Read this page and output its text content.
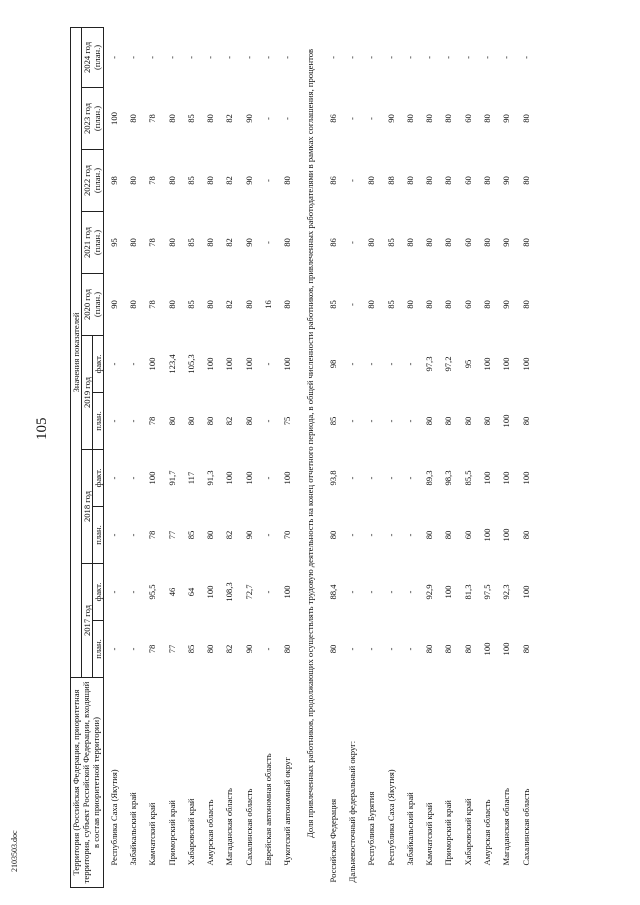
105
2103503.doc	Территория (Российская Федерация, приоритетная территория, субъект Российской Федерации, входящий в состав приоритетной территории)	Значения показателей										
	2017 год		2018 год		2019 год		2020 год (план.)	2021 год (план.)	2022 год (план.)	2023 год (план.)	2024 год (план.)
	план.	факт.	план.	факт.	план.	факт.					
Республика Саха (Якутия)	-	-	-	-	-	-	90	95	98	100	-
Забайкальский край	-	-	-	-	-	-	80	80	80	80	-
Камчатский край	78	95,5	78	100	78	100	78	78	78	78	-
Приморский край	77	46	77	91,7	80	123,4	80	80	80	80	-
Хабаровский край	85	64	85	117	80	105,3	85	85	85	85	-
Амурская область	80	100	80	91,3	80	100	80	80	80	80	-
Магаданская область	82	108,3	82	100	82	100	82	82	82	82	-
Сахалинская область	90	72,7	90	100	80	100	80	90	90	90	-
Еврейская автономная область	-	-	-	-	-	-	16	-	-	-	-
Чукотский автономный округ	80	100	70	100	75	100	80	80	80	-	-
Доля привлеченных работников, продолжающих осуществлять трудовую деятельность на конец отчетного периода, в общей численности работников, привлеченных работодателями в рамках соглашения, процентов											
Российская Федерация	80	88,4	80	93,8	85	98	85	86	86	86	-
Дальневосточный федеральный округ:	-	-	-	-	-	-	-	-	-	-	-
Республика Бурятия	-	-	-	-	-	-	80	80	80	-	-
Республика Саха (Якутия)	-	-	-	-	-	-	85	85	88	90	-
Забайкальский край	-	-	-	-	-	-	80	80	80	80	-
Камчатский край	80	92,9	80	89,3	80	97,3	80	80	80	80	-
Приморский край	80	100	80	98,3	80	97,2	80	80	80	80	-
Хабаровский край	80	81,3	60	85,5	80	95	60	60	60	60	-
Амурская область	100	97,5	100	100	80	100	80	80	80	80	-
Магаданская область	100	92,3	100	100	100	100	90	90	90	90	-
Сахалинская область	80	100	80	100	80	100	80	80	80	80	-
